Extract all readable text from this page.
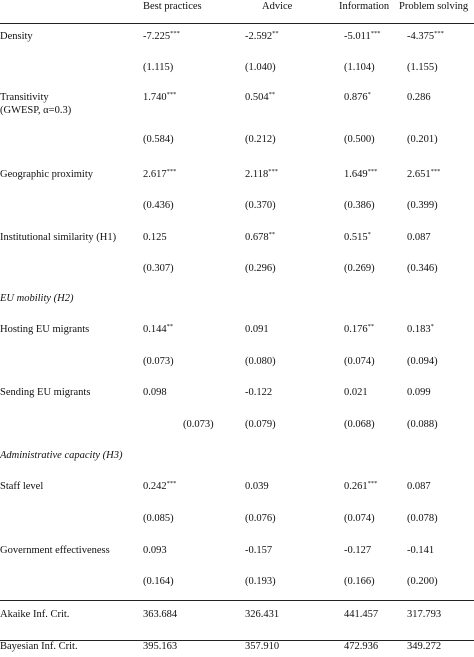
Best practices	Advice	Information Problem solving
Density	-7.225***	-2.592**	-5.011***	-4.375***
(1.115)	(1.040)	(1.104)	(1.155)
Transitivity
(GWESP, α=0.3)
1.740***	0.504**	0.876*	0.286
(0.584)	(0.212)	(0.500)	(0.201)
Geographic proximity	2.617***	2.118***	1.649***	2.651***
(0.436)	(0.370)	(0.386)	(0.399)
Institutional similarity (H1)	0.125	0.678**	0.515*	0.087
(0.307)	(0.296)	(0.269)	(0.346)
EU mobility (H2)
Hosting EU migrants	0.144**	0.091	0.176**	0.183*
(0.073)	(0.080)	(0.074)	(0.094)
Sending EU migrants	0.098	-0.122	0.021	0.099
(0.073)	(0.079)	(0.068)	(0.088)
Administrative capacity (H3)
Staff level	0.242***	0.039	0.261***	0.087
(0.085)	(0.076)	(0.074)	(0.078)
Government effectiveness	0.093	-0.157	-0.127	-0.141
(0.164)	(0.193)	(0.166)	(0.200)
Akaike Inf. Crit.	363.684	326.431	441.457	317.793
Bayesian Inf. Crit.	395.163	357.910	472.936	349.272
